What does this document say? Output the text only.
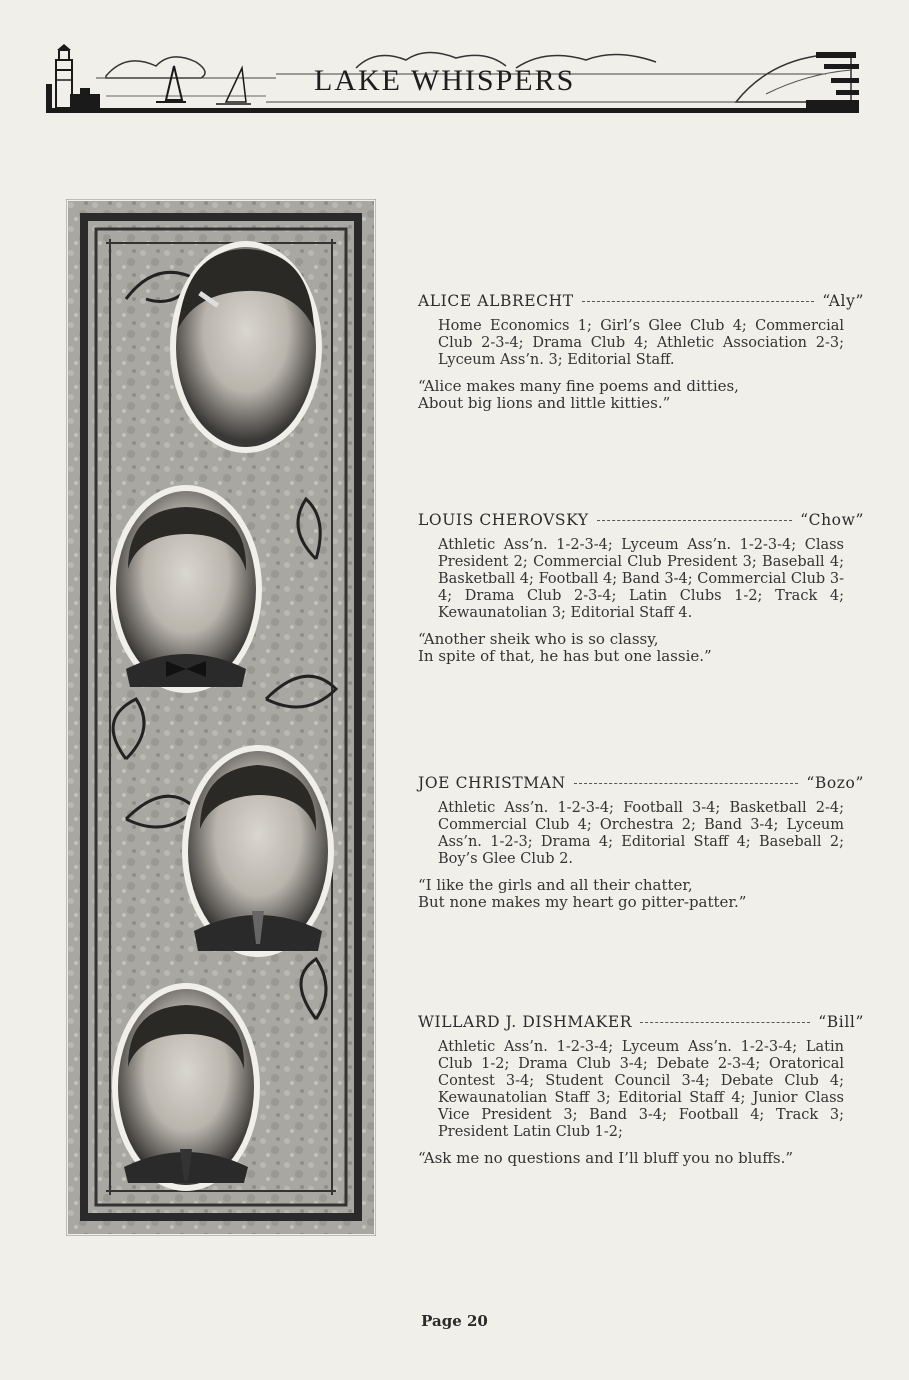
LAKE WHISPERS
ALICE ALBRECHT	“Aly”
Home Economics 1; Girl’s Glee Club 4; Commercial Club 2-3-4; Drama Club 4; Athletic Association 2-3; Lyceum Ass’n. 3; Editorial Staff.
“Alice makes many fine poems and ditties,
About big lions and little kitties.”
LOUIS CHEROVSKY	“Chow”
Athletic Ass’n. 1-2-3-4; Lyceum Ass’n. 1-2-3-4; Class President 2; Commercial Club President 3; Baseball 4; Basketball 4; Football 4; Band 3-4; Commercial Club 3-4; Drama Club 2-3-4; Latin Clubs 1-2; Track 4; Kewaunatolian 3; Editorial Staff 4.
“Another sheik who is so classy,
In spite of that, he has but one lassie.”
JOE CHRISTMAN	“Bozo”
Athletic Ass’n. 1-2-3-4; Football 3-4; Basketball 2-4; Commercial Club 4; Orchestra 2; Band 3-4; Lyceum Ass’n. 1-2-3; Drama 4; Editorial Staff 4; Baseball 2; Boy’s Glee Club 2.
“I like the girls and all their chatter,
But none makes my heart go pitter-patter.”
WILLARD J. DISHMAKER	“Bill”
Athletic Ass’n. 1-2-3-4; Lyceum Ass’n. 1-2-3-4; Latin Club 1-2; Drama Club 3-4; Debate 2-3-4; Oratorical Contest 3-4; Student Council 3-4; Debate Club 4; Kewaunatolian Staff 3; Editorial Staff 4; Junior Class Vice President 3; Band 3-4; Football 4; Track 3; President Latin Club 1-2;
“Ask me no questions and I’ll bluff you no bluffs.”
Page 20
